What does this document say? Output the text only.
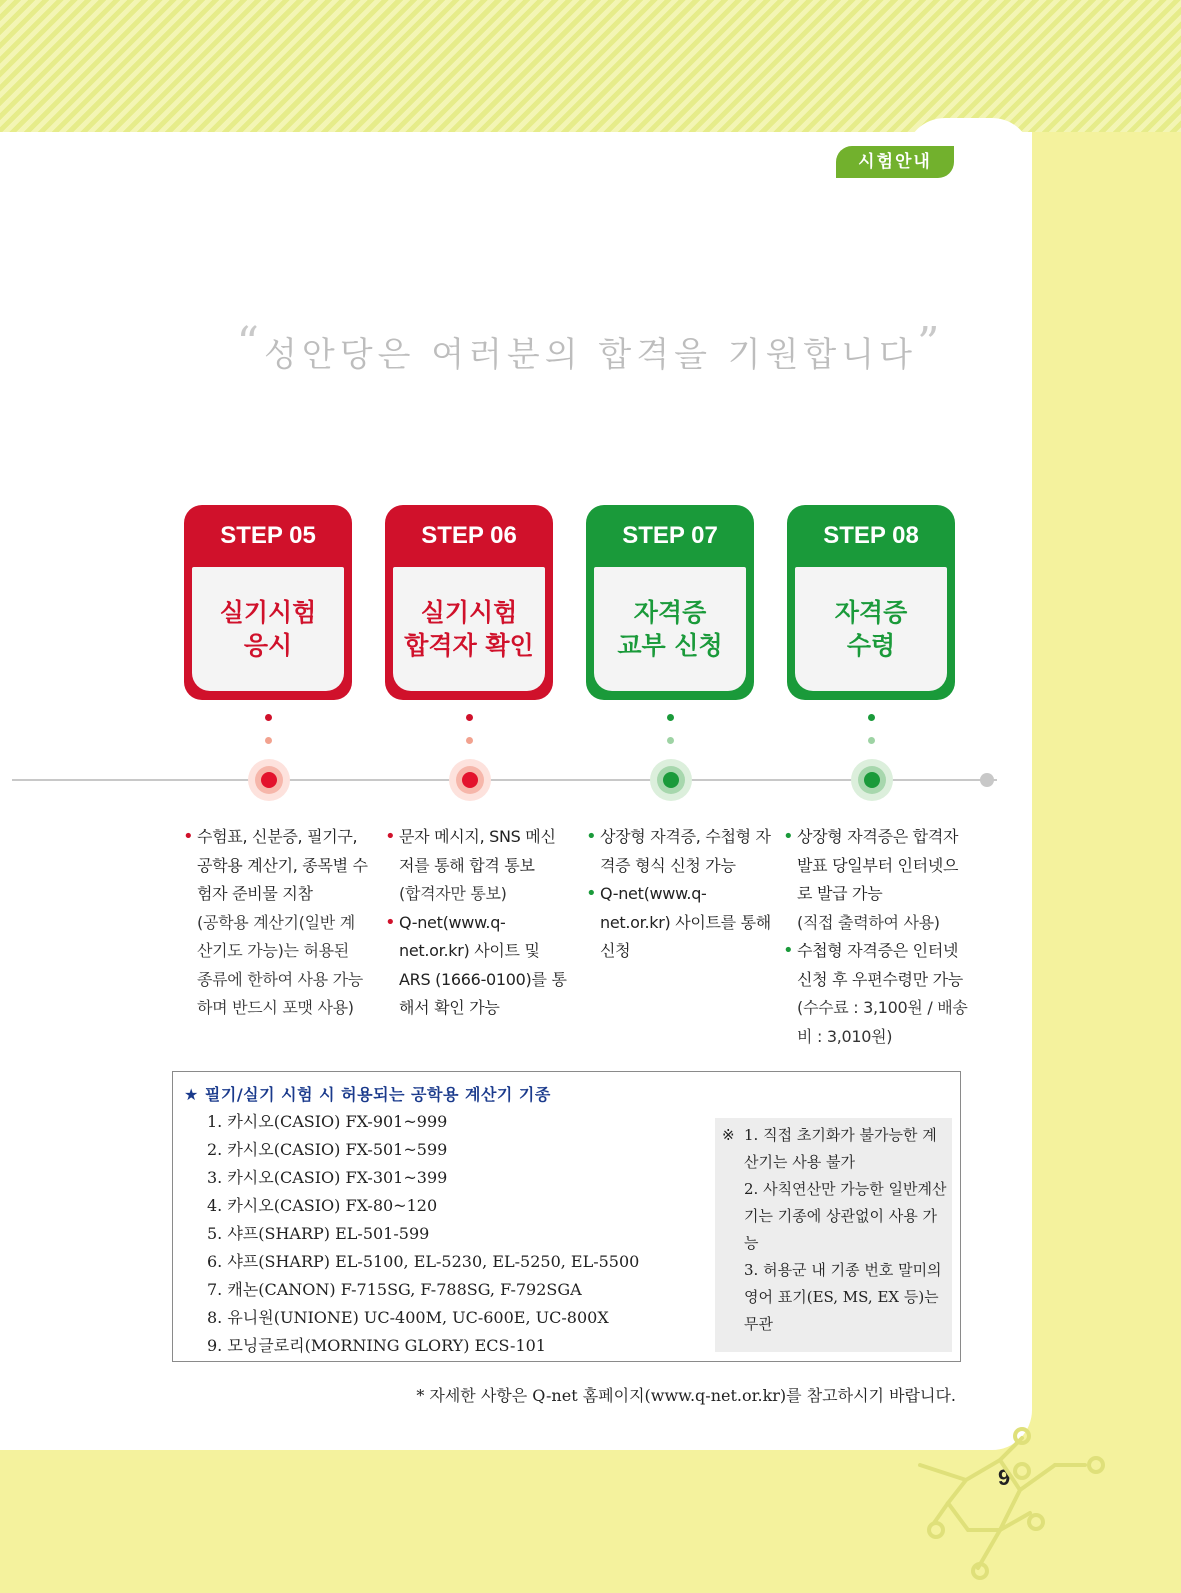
시험안내
“성안당은 여러분의 합격을 기원합니다”
STEP 05
실기시험
응시
STEP 06
실기시험
합격자 확인
STEP 07
자격증
교부 신청
STEP 08
자격증
수령
• 수험표, 신분증, 필기구, 공학용 계산기, 종목별 수험자 준비물 지참
(공학용 계산기(일반 계산기도 가능)는 허용된 종류에 한하여 사용 가능하며 반드시 포맷 사용)
• 문자 메시지, SNS 메신저를 통해 합격 통보
(합격자만 통보)
• Q-net(www.q-net.or.kr) 사이트 및 ARS (1666-0100)를 통해서 확인 가능
• 상장형 자격증, 수첩형 자격증 형식 신청 가능
• Q-net(www.q-net.or.kr) 사이트를 통해 신청
• 상장형 자격증은 합격자 발표 당일부터 인터넷으로 발급 가능
(직접 출력하여 사용)
• 수첩형 자격증은 인터넷 신청 후 우편수령만 가능
(수수료 : 3,100원 / 배송비 : 3,010원)
★ 필기/실기 시험 시 허용되는 공학용 계산기 기종
1. 카시오(CASIO) FX-901~999
2. 카시오(CASIO) FX-501~599
3. 카시오(CASIO) FX-301~399
4. 카시오(CASIO) FX-80~120
5. 샤프(SHARP) EL-501-599
6. 샤프(SHARP) EL-5100, EL-5230, EL-5250, EL-5500
7. 캐논(CANON) F-715SG, F-788SG, F-792SGA
8. 유니원(UNIONE) UC-400M, UC-600E, UC-800X
9. 모닝글로리(MORNING GLORY) ECS-101
※ 1. 직접 초기화가 불가능한 계산기는 사용 불가
2. 사칙연산만 가능한 일반계산기는 기종에 상관없이 사용 가능
3. 허용군 내 기종 번호 말미의 영어 표기(ES, MS, EX 등)는 무관
* 자세한 사항은 Q-net 홈페이지(www.q-net.or.kr)를 참고하시기 바랍니다.
9
